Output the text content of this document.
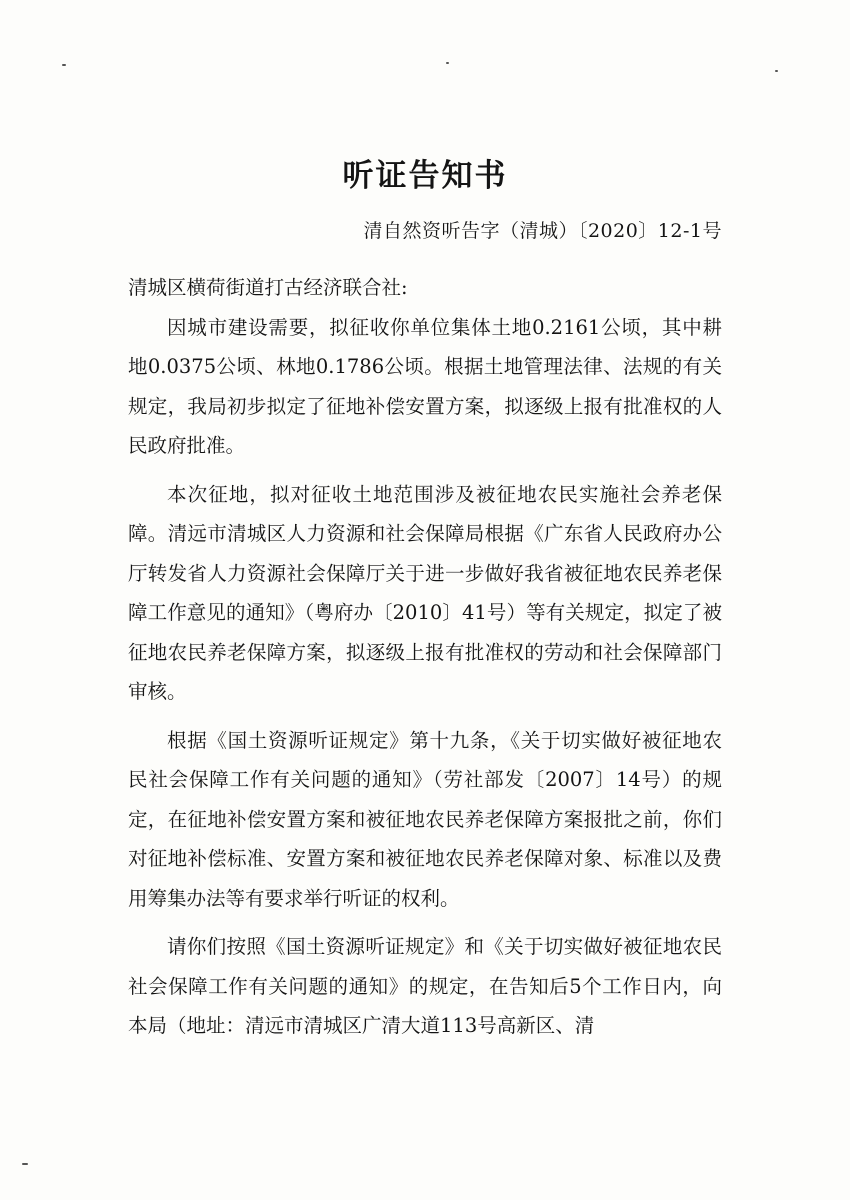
听证告知书
清自然资听告字（清城）〔2020〕12-1号
清城区横荷街道打古经济联合社:

因城市建设需要，拟征收你单位集体土地0.2161公顷，其中耕地0.0375公顷、林地0.1786公顷。根据土地管理法律、法规的有关规定，我局初步拟定了征地补偿安置方案，拟逐级上报有批准权的人民政府批准。

本次征地，拟对征收土地范围涉及被征地农民实施社会养老保障。清远市清城区人力资源和社会保障局根据《广东省人民政府办公厅转发省人力资源社会保障厅关于进一步做好我省被征地农民养老保障工作意见的通知》（粤府办〔2010〕41号）等有关规定，拟定了被征地农民养老保障方案，拟逐级上报有批准权的劳动和社会保障部门审核。

根据《国土资源听证规定》第十九条，《关于切实做好被征地农民社会保障工作有关问题的通知》（劳社部发〔2007〕14号）的规定，在征地补偿安置方案和被征地农民养老保障方案报批之前，你们对征地补偿标准、安置方案和被征地农民养老保障对象、标准以及费用筹集办法等有要求举行听证的权利。

请你们按照《国土资源听证规定》和《关于切实做好被征地农民社会保障工作有关问题的通知》的规定，在告知后5个工作日内，向本局（地址：清远市清城区广清大道113号高新区、清
